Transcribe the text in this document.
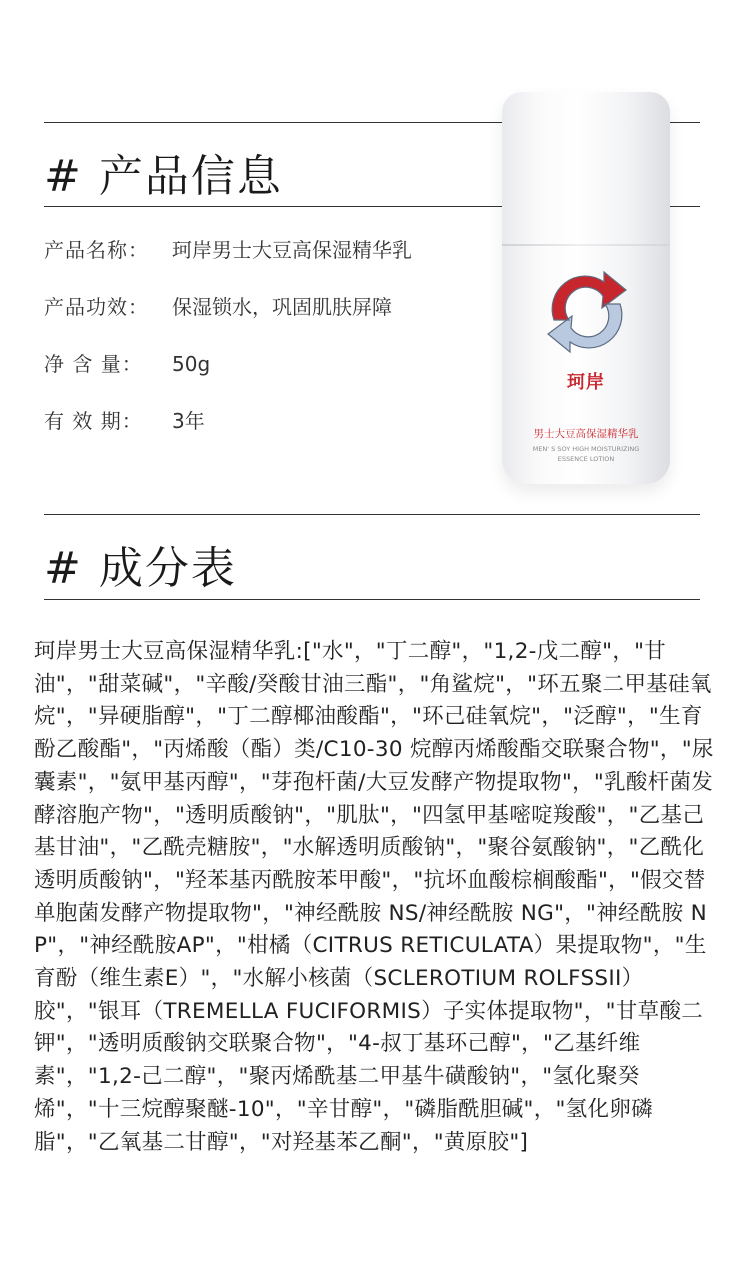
# 产品信息
产品名称： 珂岸男士大豆高保湿精华乳
产品功效： 保湿锁水，巩固肌肤屏障
净 含 量： 50g
有 效 期： 3年
珂岸
男士大豆高保湿精华乳
MEN' S SOY HIGH MOISTURIZING
ESSENCE LOTION
# 成分表
珂岸男士大豆高保湿精华乳:["水"，"丁二醇"，"1,2-戊二醇"，"甘油"，"甜菜碱"，"辛酸/癸酸甘油三酯"，"角鲨烷"，"环五聚二甲基硅氧烷"，"异硬脂醇"，"丁二醇椰油酸酯"，"环己硅氧烷"，"泛醇"，"生育酚乙酸酯"，"丙烯酸（酯）类/C10-30 烷醇丙烯酸酯交联聚合物"，"尿囊素"，"氨甲基丙醇"，"芽孢杆菌/大豆发酵产物提取物"，"乳酸杆菌发酵溶胞产物"，"透明质酸钠"，"肌肽"，"四氢甲基嘧啶羧酸"，"乙基己基甘油"，"乙酰壳糖胺"，"水解透明质酸钠"，"聚谷氨酸钠"，"乙酰化透明质酸钠"，"羟苯基丙酰胺苯甲酸"，"抗坏血酸棕榈酸酯"，"假交替单胞菌发酵产物提取物"，"神经酰胺 NS/神经酰胺 NG"，"神经酰胺 NP"，"神经酰胺AP"，"柑橘（CITRUS RETICULATA）果提取物"，"生育酚（维生素E）"，"水解小核菌（SCLEROTIUM ROLFSSII）胶"，"银耳（TREMELLA FUCIFORMIS）子实体提取物"，"甘草酸二钾"，"透明质酸钠交联聚合物"，"4-叔丁基环己醇"，"乙基纤维素"，"1,2-己二醇"，"聚丙烯酰基二甲基牛磺酸钠"，"氢化聚癸烯"，"十三烷醇聚醚-10"，"辛甘醇"，"磷脂酰胆碱"，"氢化卵磷脂"，"乙氧基二甘醇"，"对羟基苯乙酮"，"黄原胶"]
